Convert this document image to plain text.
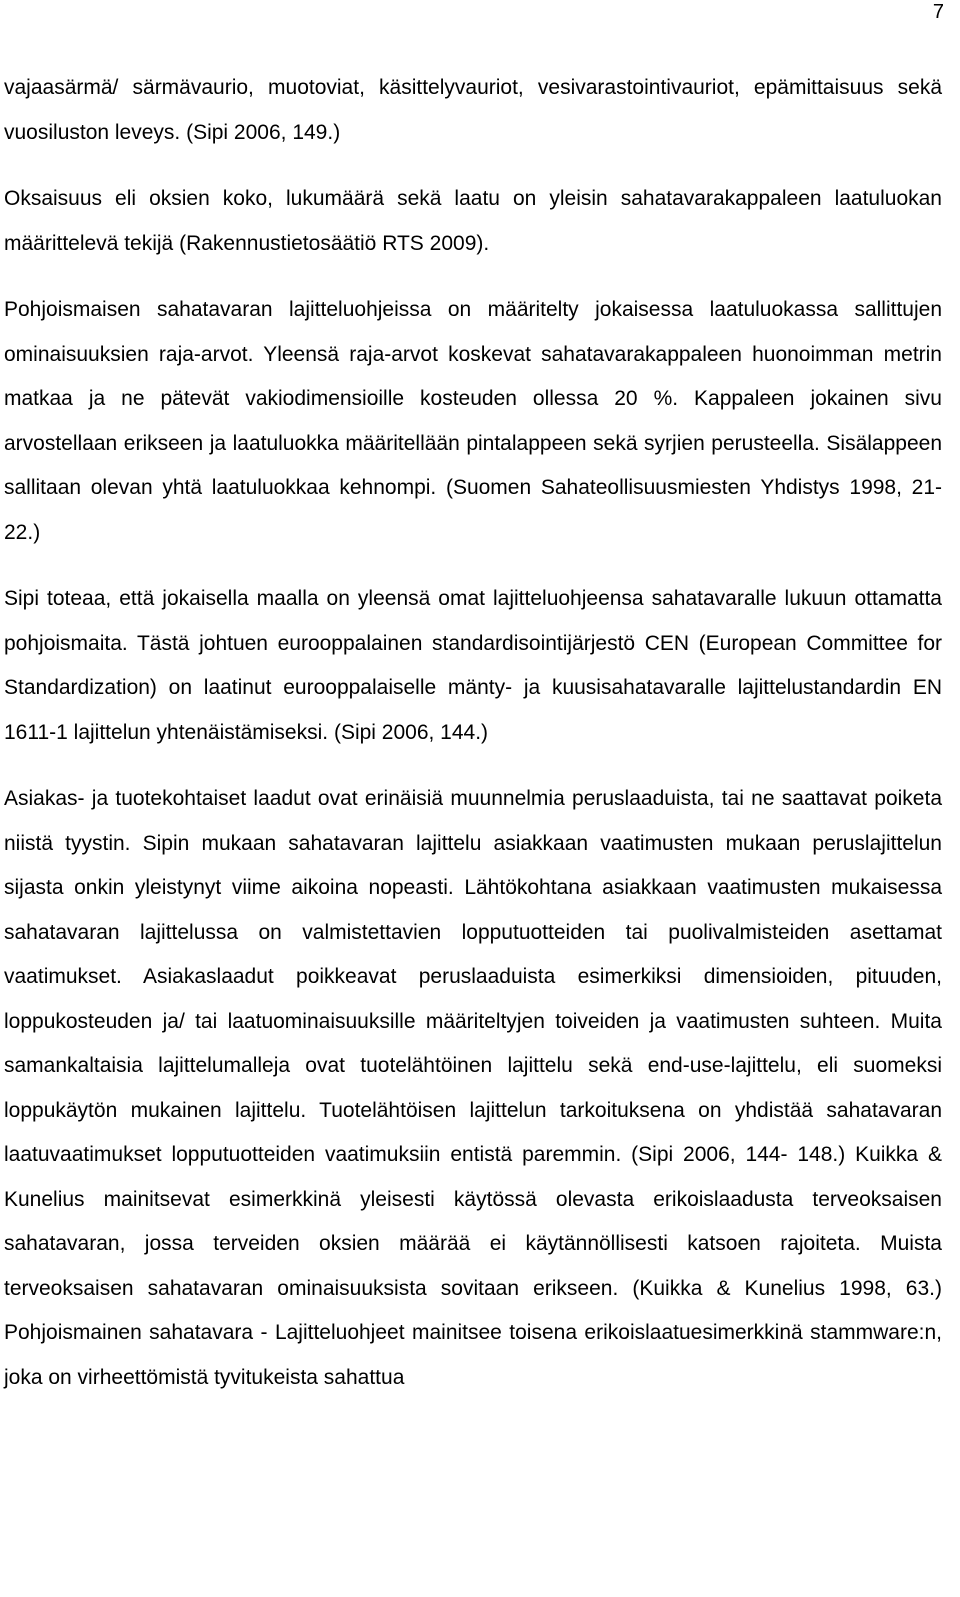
7

vajaasärmä/ särmävaurio, muotoviat, käsittelyvauriot, vesivarastointivauriot, epämittaisuus sekä vuosiluston leveys. (Sipi 2006, 149.)

Oksaisuus eli oksien koko, lukumäärä sekä laatu on yleisin sahatavarakappaleen laatuluokan määrittelevä tekijä (Rakennustietosäätiö RTS 2009).

Pohjoismaisen sahatavaran lajitteluohjeissa on määritelty jokaisessa laatuluokassa sallittujen ominaisuuksien raja-arvot. Yleensä raja-arvot koskevat sahatavarakappaleen huonoimman metrin matkaa ja ne pätevät vakiodimensioille kosteuden ollessa 20 %. Kappaleen jokainen sivu arvostellaan erikseen ja laatuluokka määritellään pintalappeen sekä syrjien perusteella. Sisälappeen sallitaan olevan yhtä laatuluokkaa kehnompi. (Suomen Sahateollisuusmiesten Yhdistys 1998, 21- 22.)

Sipi toteaa, että jokaisella maalla on yleensä omat lajitteluohjeensa sahatavaralle lukuun ottamatta pohjoismaita. Tästä johtuen eurooppalainen standardisointijärjestö CEN (European Committee for Standardization) on laatinut eurooppalaiselle mänty- ja kuusisahatavaralle lajittelustandardin EN 1611-1 lajittelun yhtenäistämiseksi. (Sipi 2006, 144.)

Asiakas- ja tuotekohtaiset laadut ovat erinäisiä muunnelmia peruslaaduista, tai ne saattavat poiketa niistä tyystin. Sipin mukaan sahatavaran lajittelu asiakkaan vaatimusten mukaan peruslajittelun sijasta onkin yleistynyt viime aikoina nopeasti. Lähtökohtana asiakkaan vaatimusten mukaisessa sahatavaran lajittelussa on valmistettavien lopputuotteiden tai puolivalmisteiden asettamat vaatimukset. Asiakaslaadut poikkeavat peruslaaduista esimerkiksi dimensioiden, pituuden, loppukosteuden ja/ tai laatuominaisuuksille määriteltyjen toiveiden ja vaatimusten suhteen. Muita samankaltaisia lajittelumalleja ovat tuotelähtöinen lajittelu sekä end-use-lajittelu, eli suomeksi loppukäytön mukainen lajittelu. Tuotelähtöisen lajittelun tarkoituksena on yhdistää sahatavaran laatuvaatimukset lopputuotteiden vaatimuksiin entistä paremmin. (Sipi 2006, 144- 148.) Kuikka & Kunelius mainitsevat esimerkkinä yleisesti käytössä olevasta erikoislaadusta terveoksaisen sahatavaran, jossa terveiden oksien määrää ei käytännöllisesti katsoen rajoiteta. Muista terveoksaisen sahatavaran ominaisuuksista sovitaan erikseen. (Kuikka & Kunelius 1998, 63.) Pohjoismainen sahatavara - Lajitteluohjeet mainitsee toisena erikoislaatuesimerkkinä stammware:n, joka on virheettömistä tyvitukeista sahattua
